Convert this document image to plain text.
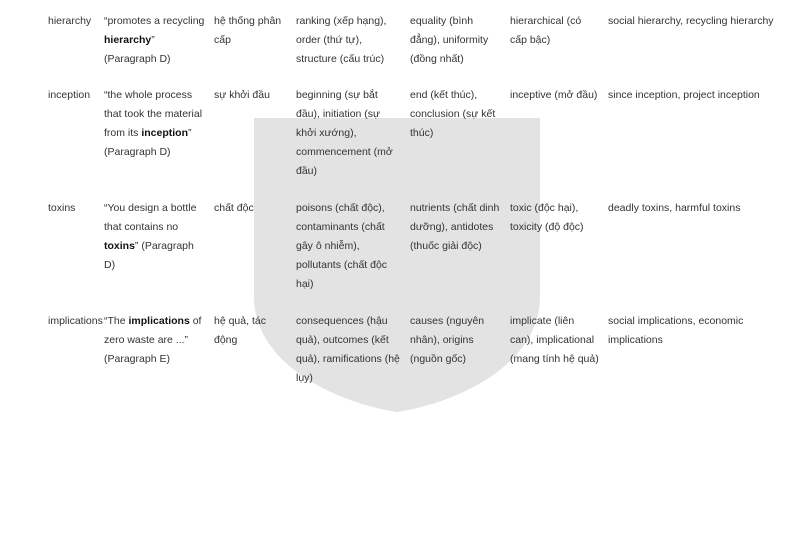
hierarchy	“promotes a recycling hierarchy” (Paragraph D)	hệ thống phân cấp	ranking (xếp hạng), order (thứ tự), structure (cấu trúc)	equality (bình đẳng), uniformity (đồng nhất)	hierarchical (có cấp bậc)	social hierarchy, recycling hierarchy
inception	“the whole process that took the material from its inception” (Paragraph D)	sự khởi đầu	beginning (sự bắt đầu), initiation (sự khởi xướng), commencement (mở đầu)	end (kết thúc), conclusion (sự kết thúc)	inceptive (mở đầu)	since inception, project inception
toxins	“You design a bottle that contains no toxins” (Paragraph D)	chất độc	poisons (chất độc), contaminants (chất gây ô nhiễm), pollutants (chất độc hại)	nutrients (chất dinh dưỡng), antidotes (thuốc giải độc)	toxic (độc hại), toxicity (độ độc)	deadly toxins, harmful toxins
implications	“The implications of zero waste are ...” (Paragraph E)	hệ quả, tác động	consequences (hậu quả), outcomes (kết quả), ramifications (hệ lụy)	causes (nguyên nhân), origins (nguồn gốc)	implicate (liên can), implicational (mang tính hệ quả)	social implications, economic implications
